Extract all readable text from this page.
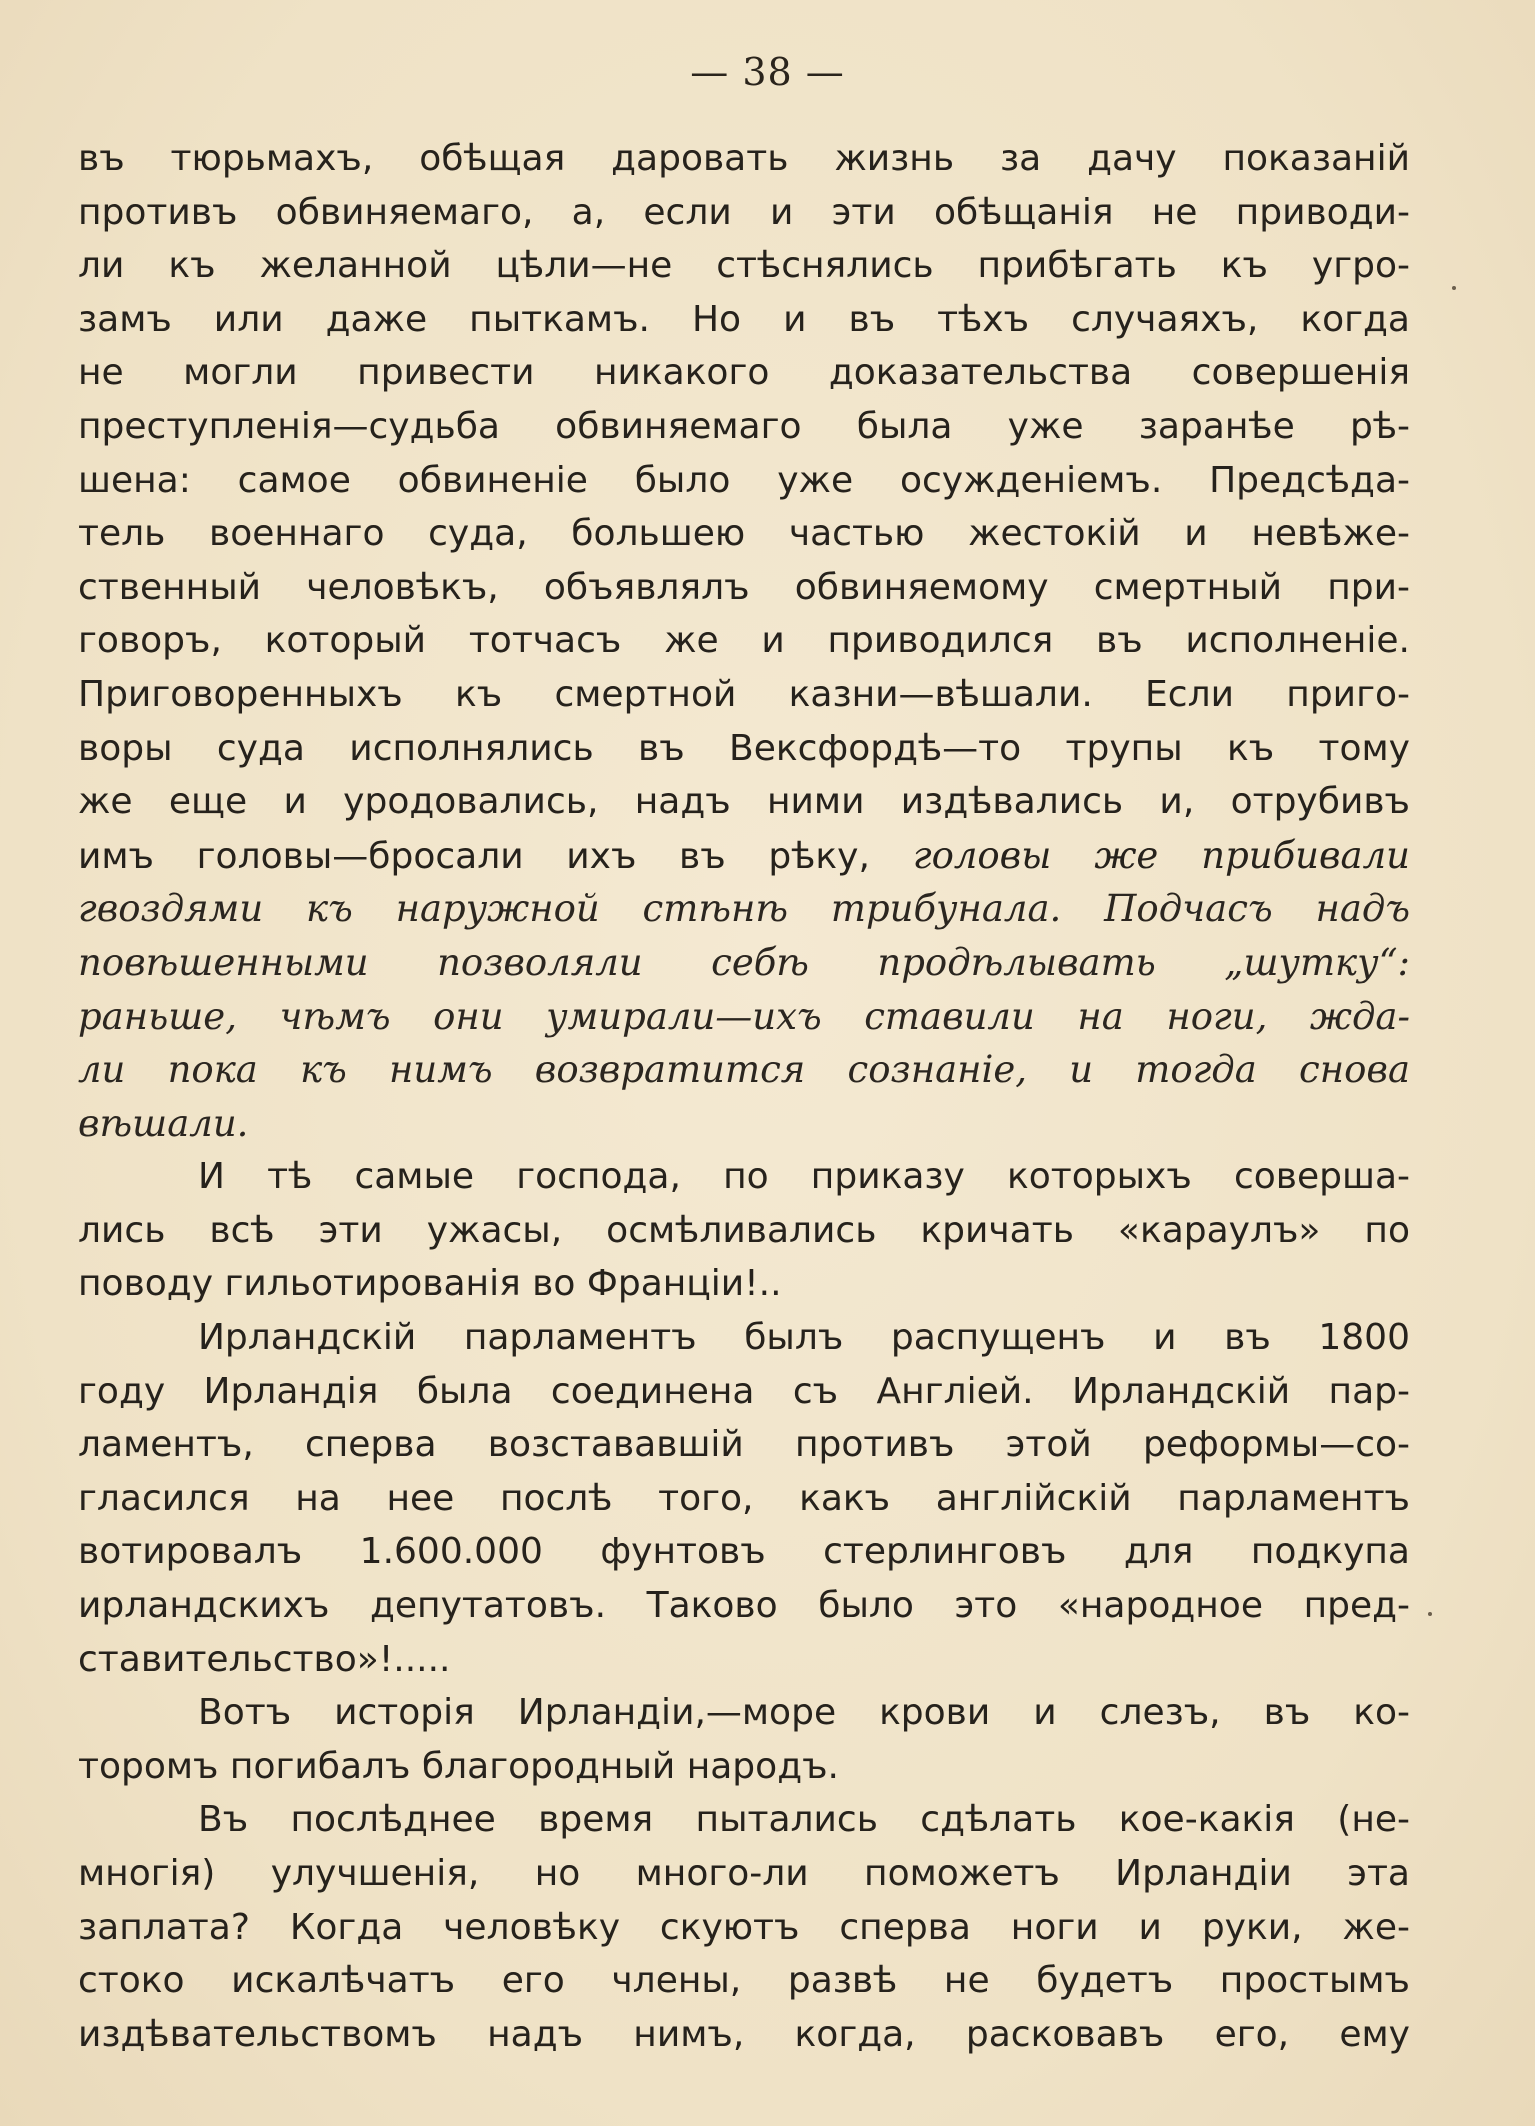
— 38 —
въ тюрьмахъ, обѣщая даровать жизнь за дачу показаній
противъ обвиняемаго, а, если и эти обѣщанія не приводи-
ли къ желанной цѣли—не стѣснялись прибѣгать къ угро-
замъ или даже пыткамъ. Но и въ тѣхъ случаяхъ, когда
не могли привести никакого доказательства совершенія
преступленія—судьба обвиняемаго была уже заранѣе рѣ-
шена: самое обвиненіе было уже осужденіемъ. Предсѣда-
тель военнаго суда, большею частью жестокій и невѣже-
ственный человѣкъ, объявлялъ обвиняемому смертный при-
говоръ, который тотчасъ же и приводился въ исполненіе.
Приговоренныхъ къ смертной казни—вѣшали. Если приго-
воры суда исполнялись въ Вексфордѣ—то трупы къ тому
же еще и уродовались, надъ ними издѣвались и, отрубивъ
имъ головы—бросали ихъ въ рѣку, головы же прибивали
гвоздями къ наружной стѣнѣ трибунала. Подчасъ надъ
повѣшенными позволяли себѣ продѣлывать „шутку“:
раньше, чѣмъ они умирали—ихъ ставили на ноги, жда-
ли пока къ нимъ возвратится сознаніе, и тогда снова
вѣшали.
И тѣ самые господа, по приказу которыхъ соверша-
лись всѣ эти ужасы, осмѣливались кричать «караулъ» по
поводу гильотированія во Франціи!..
Ирландскій парламентъ былъ распущенъ и въ 1800
году Ирландія была соединена съ Англіей. Ирландскій пар-
ламентъ, сперва возстававшій противъ этой реформы—со-
гласился на нее послѣ того, какъ англійскій парламентъ
вотировалъ 1.600.000 фунтовъ стерлинговъ для подкупа
ирландскихъ депутатовъ. Таково было это «народное пред-
ставительство»!.....
Вотъ исторія Ирландіи,—море крови и слезъ, въ ко-
торомъ погибалъ благородный народъ.
Въ послѣднее время пытались сдѣлать кое-какія (не-
многія) улучшенія, но много-ли поможетъ Ирландіи эта
заплата? Когда человѣку скуютъ сперва ноги и руки, же-
стоко искалѣчатъ его члены, развѣ не будетъ простымъ
издѣвательствомъ надъ нимъ, когда, расковавъ его, ему
